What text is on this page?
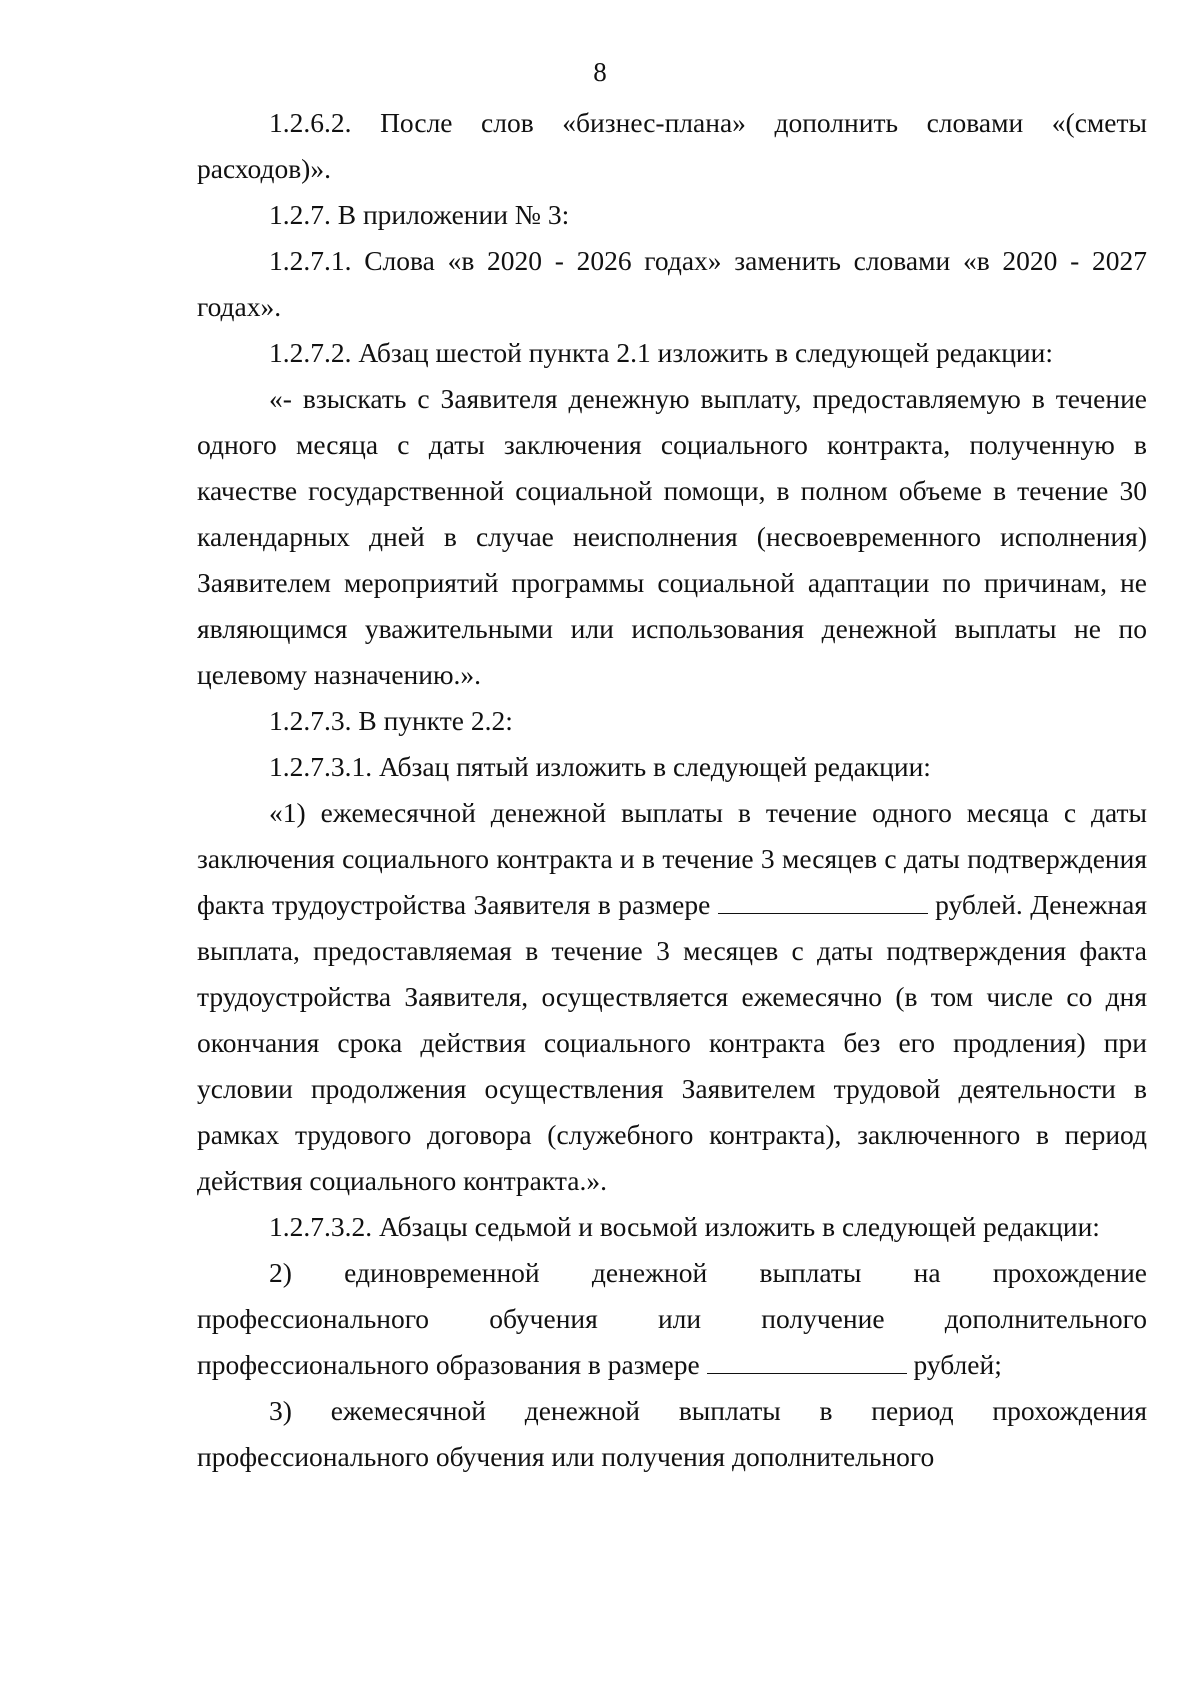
8

1.2.6.2. После слов «бизнес-плана» дополнить словами «(сметы расходов)».

1.2.7. В приложении № 3:

1.2.7.1. Слова «в 2020 - 2026 годах» заменить словами «в 2020 - 2027 годах».

1.2.7.2. Абзац шестой пункта 2.1 изложить в следующей редакции:

«- взыскать с Заявителя денежную выплату, предоставляемую в течение одного месяца с даты заключения социального контракта, полученную в качестве государственной социальной помощи, в полном объеме в течение 30 календарных дней в случае неисполнения (несвоевременного исполнения) Заявителем мероприятий программы социальной адаптации по причинам, не являющимся уважительными или использования денежной выплаты не по целевому назначению.».

1.2.7.3. В пункте 2.2:

1.2.7.3.1. Абзац пятый изложить в следующей редакции:

«1) ежемесячной денежной выплаты в течение одного месяца с даты заключения социального контракта и в течение 3 месяцев с даты подтверждения факта трудоустройства Заявителя в размере	рублей. Денежная выплата, предоставляемая в течение 3 месяцев с даты подтверждения факта трудоустройства Заявителя, осуществляется ежемесячно (в том числе со дня окончания срока действия социального контракта без его продления) при условии продолжения осуществления Заявителем трудовой деятельности в рамках трудового договора (служебного контракта), заключенного в период действия социального контракта.».

1.2.7.3.2. Абзацы седьмой и восьмой изложить в следующей редакции:

2) единовременной денежной выплаты на прохождение профессионального обучения или получение дополнительного профессионального образования в размере	рублей;

3) ежемесячной денежной выплаты в период прохождения профессионального обучения или получения дополнительного
